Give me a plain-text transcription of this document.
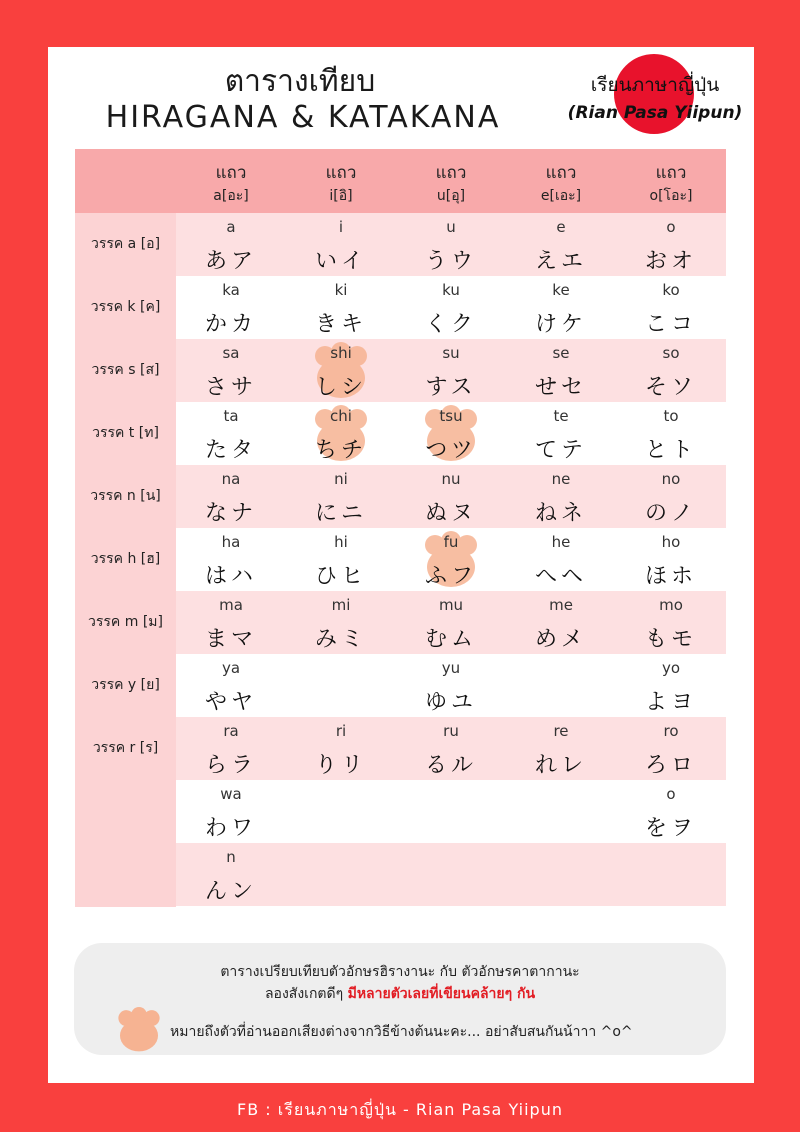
ตารางเทียบ
HIRAGANA & KATAKANA
เรียนภาษาญี่ปุ่น
(Rian Pasa Yiipun)
แถว
a[อะ]
แถว
i[อิ]
แถว
u[อุ]
แถว
e[เอะ]
แถว
o[โอะ]
วรรค a [อ]
a
あア
i
いイ
u
うウ
e
えエ
o
おオ
วรรค k [ค]
ka
かカ
ki
きキ
ku
くク
ke
けケ
ko
こコ
วรรค s [ส]
sa
さサ
shi
しシ
su
すス
se
せセ
so
そソ
วรรค t [ท]
ta
たタ
chi
ちチ
tsu
つツ
te
てテ
to
とト
วรรค n [น]
na
なナ
ni
にニ
nu
ぬヌ
ne
ねネ
no
のノ
วรรค h [ฮ]
ha
はハ
hi
ひヒ
fu
ふフ
he
へヘ
ho
ほホ
วรรค m [ม]
ma
まマ
mi
みミ
mu
むム
me
めメ
mo
もモ
วรรค y [ย]
ya
やヤ
yu
ゆユ
yo
よヨ
วรรค r [ร]
ra
らラ
ri
りリ
ru
るル
re
れレ
ro
ろロ
wa
わワ
o
をヲ
n
んン
ตารางเปรียบเทียบตัวอักษรฮิรางานะ กับ ตัวอักษรคาตากานะ
ลองสังเกตดีๆ มีหลายตัวเลยที่เขียนคล้ายๆ กัน
หมายถึงตัวที่อ่านออกเสียงต่างจากวิธีข้างต้นนะคะ... อย่าสับสนกันน้าาา ^o^
FB : เรียนภาษาญี่ปุ่น - Rian Pasa Yiipun
